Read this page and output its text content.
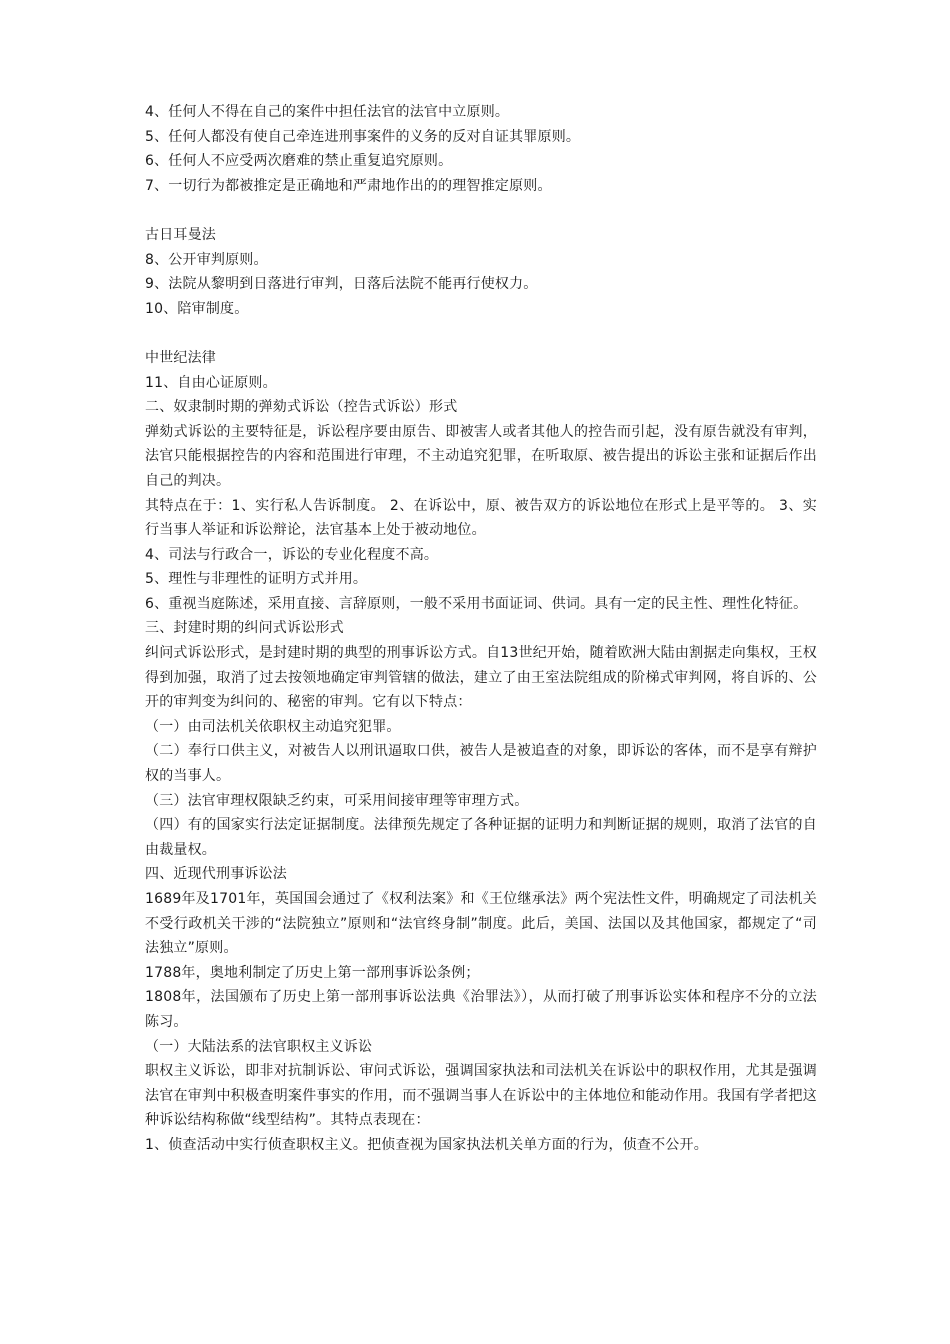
4、任何人不得在自己的案件中担任法官的法官中立原则。

5、任何人都没有使自己牵连进刑事案件的义务的反对自证其罪原则。

6、任何人不应受两次磨难的禁止重复追究原则。

7、一切行为都被推定是正确地和严肃地作出的的理智推定原则。

古日耳曼法

8、公开审判原则。

9、法院从黎明到日落进行审判，日落后法院不能再行使权力。

10、陪审制度。

中世纪法律

11、自由心证原则。

二、奴隶制时期的弹劾式诉讼（控告式诉讼）形式

弹劾式诉讼的主要特征是，诉讼程序要由原告、即被害人或者其他人的控告而引起，没有原告就没有审判，法官只能根据控告的内容和范围进行审理，不主动追究犯罪，在听取原、被告提出的诉讼主张和证据后作出自己的判决。

其特点在于：1、实行私人告诉制度。 2、在诉讼中，原、被告双方的诉讼地位在形式上是平等的。 3、实行当事人举证和诉讼辩论，法官基本上处于被动地位。

4、司法与行政合一，诉讼的专业化程度不高。

5、理性与非理性的证明方式并用。

6、重视当庭陈述，采用直接、言辞原则，一般不采用书面证词、供词。具有一定的民主性、理性化特征。

三、封建时期的纠问式诉讼形式

纠问式诉讼形式，是封建时期的典型的刑事诉讼方式。自13世纪开始，随着欧洲大陆由割据走向集权，王权得到加强，取消了过去按领地确定审判管辖的做法，建立了由王室法院组成的阶梯式审判网，将自诉的、公开的审判变为纠问的、秘密的审判。它有以下特点：

（一）由司法机关依职权主动追究犯罪。

（二）奉行口供主义，对被告人以刑讯逼取口供，被告人是被追查的对象，即诉讼的客体，而不是享有辩护权的当事人。

（三）法官审理权限缺乏约束，可采用间接审理等审理方式。

（四）有的国家实行法定证据制度。法律预先规定了各种证据的证明力和判断证据的规则，取消了法官的自由裁量权。

四、近现代刑事诉讼法

1689年及1701年，英国国会通过了《权利法案》和《王位继承法》两个宪法性文件，明确规定了司法机关不受行政机关干涉的“法院独立”原则和“法官终身制”制度。此后，美国、法国以及其他国家，都规定了“司法独立”原则。

1788年，奥地利制定了历史上第一部刑事诉讼条例；

1808年，法国颁布了历史上第一部刑事诉讼法典《治罪法》），从而打破了刑事诉讼实体和程序不分的立法陈习。

（一）大陆法系的法官职权主义诉讼

职权主义诉讼，即非对抗制诉讼、审问式诉讼，强调国家执法和司法机关在诉讼中的职权作用，尤其是强调法官在审判中积极查明案件事实的作用，而不强调当事人在诉讼中的主体地位和能动作用。我国有学者把这种诉讼结构称做“线型结构”。其特点表现在：

1、侦查活动中实行侦查职权主义。把侦查视为国家执法机关单方面的行为，侦查不公开。
